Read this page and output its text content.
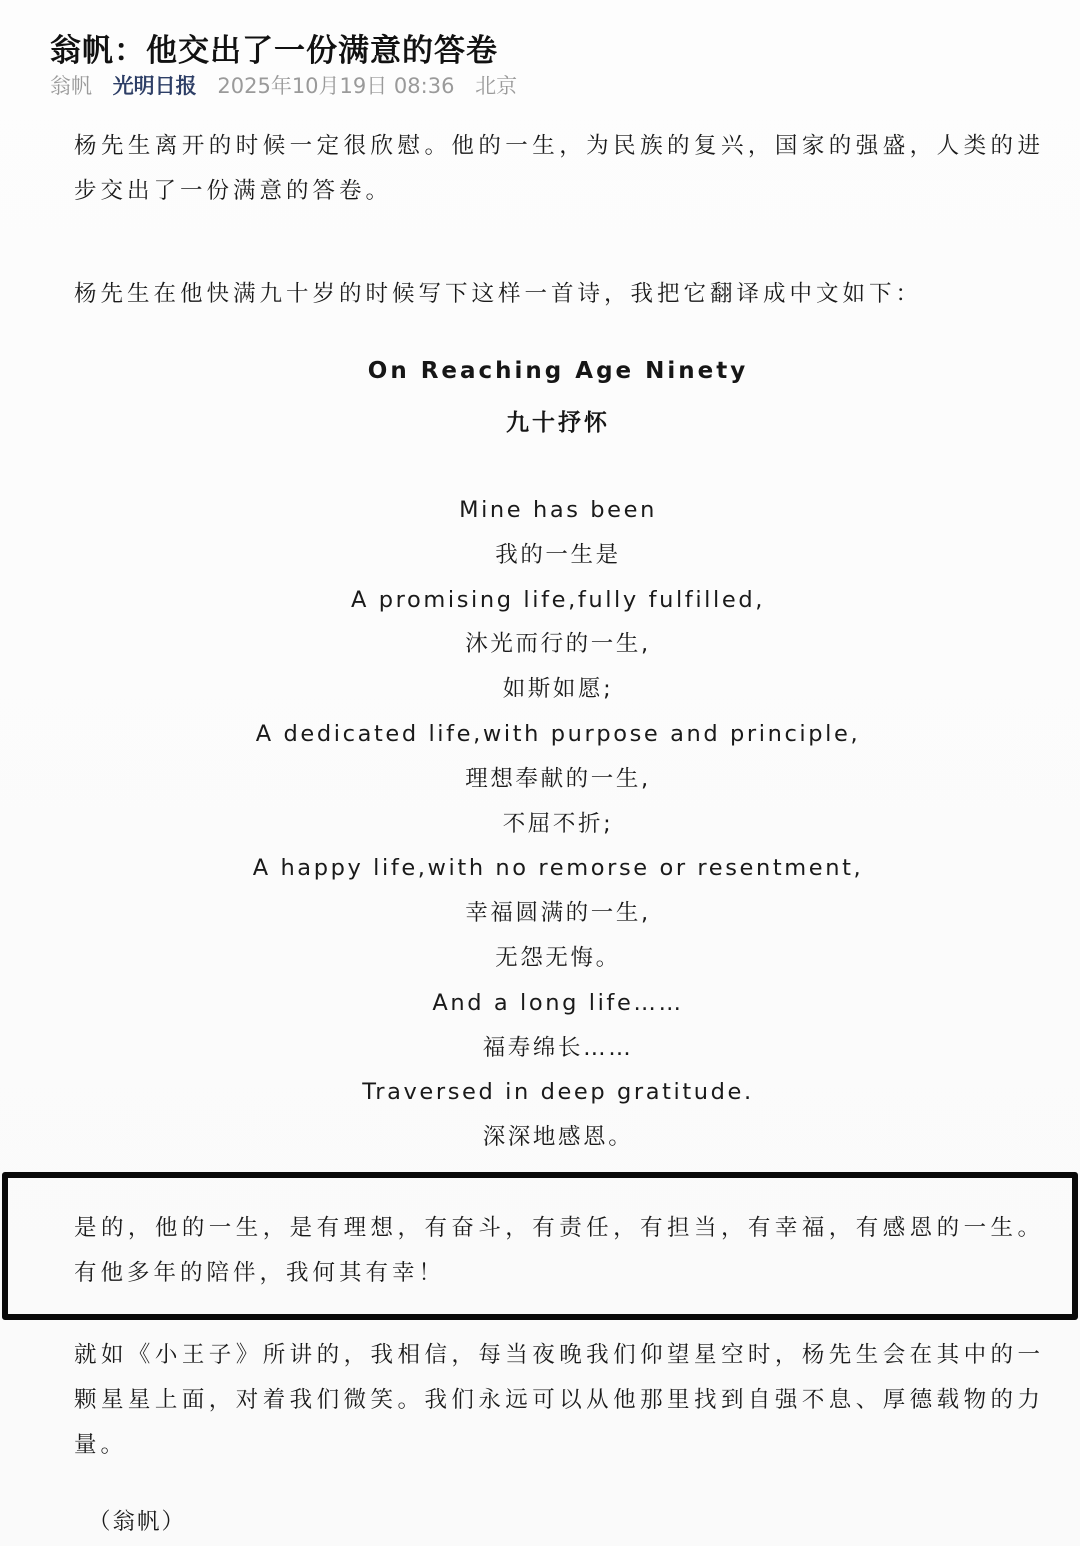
翁帆：他交出了一份满意的答卷
翁帆 光明日报 2025年10月19日 08:36 北京

杨先生离开的时候一定很欣慰。他的一生，为民族的复兴，国家的强盛，人类的进步交出了一份满意的答卷。

杨先生在他快满九十岁的时候写下这样一首诗，我把它翻译成中文如下：

On Reaching Age Ninety
九十抒怀
Mine has been
我的一生是
A promising life,fully fulfilled,
沐光而行的一生,
如斯如愿;
A dedicated life,with purpose and principle,
理想奉献的一生,
不屈不折;
A happy life,with no remorse or resentment,
幸福圆满的一生,
无怨无悔。
And a long life……
福寿绵长……
Traversed in deep gratitude.
深深地感恩。

是的，他的一生，是有理想，有奋斗，有责任，有担当，有幸福，有感恩的一生。有他多年的陪伴，我何其有幸！

就如《小王子》所讲的，我相信，每当夜晚我们仰望星空时，杨先生会在其中的一颗星星上面，对着我们微笑。我们永远可以从他那里找到自强不息、厚德载物的力量。

（翁帆）
